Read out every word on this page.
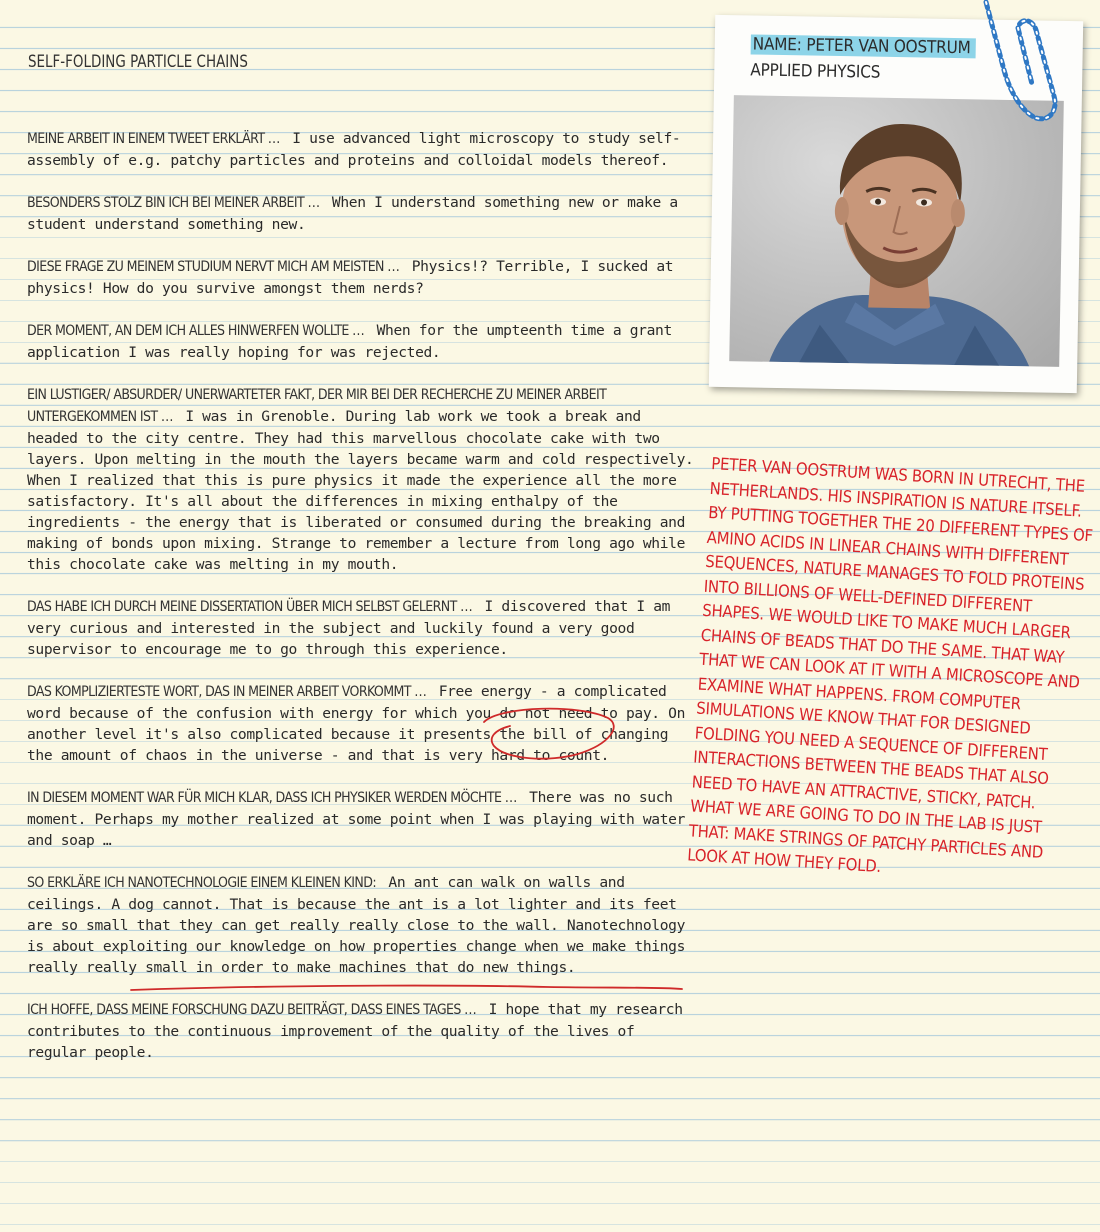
SELF-FOLDING PARTICLE CHAINS

MEINE ARBEIT IN EINEM TWEET ERKLÄRT … I use advanced light microscopy to study self-assembly of e.g. patchy particles and proteins and colloidal models thereof.

BESONDERS STOLZ BIN ICH BEI MEINER ARBEIT … When I understand something new or make a student understand something new.

DIESE FRAGE ZU MEINEM STUDIUM NERVT MICH AM MEISTEN … Physics!? Terrible, I sucked at physics! How do you survive amongst them nerds?

DER MOMENT, AN DEM ICH ALLES HINWERFEN WOLLTE … When for the umpteenth time a grant application I was really hoping for was rejected.

EIN LUSTIGER/ ABSURDER/ UNERWARTETER FAKT, DER MIR BEI DER RECHERCHE ZU MEINER ARBEIT UNTERGEKOMMEN IST … I was in Grenoble. During lab work we took a break and headed to the city centre. They had this marvellous chocolate cake with two layers. Upon melting in the mouth the layers became warm and cold respectively. When I realized that this is pure physics it made the experience all the more satisfactory. It's all about the differences in mixing enthalpy of the ingredients - the energy that is liberated or consumed during the breaking and making of bonds upon mixing. Strange to remember a lecture from long ago while this chocolate cake was melting in my mouth.

DAS HABE ICH DURCH MEINE DISSERTATION ÜBER MICH SELBST GELERNT … I discovered that I am very curious and interested in the subject and luckily found a very good supervisor to encourage me to go through this experience.

DAS KOMPLIZIERTESTE WORT, DAS IN MEINER ARBEIT VORKOMMT … Free energy - a complicated word because of the confusion with energy for which you do not need to pay. On another level it's also complicated because it presents the bill of changing the amount of chaos in the universe - and that is very hard to count.

IN DIESEM MOMENT WAR FÜR MICH KLAR, DASS ICH PHYSIKER WERDEN MÖCHTE … There was no such moment. Perhaps my mother realized at some point when I was playing with water and soap …

SO ERKLÄRE ICH NANOTECHNOLOGIE EINEM KLEINEN KIND: An ant can walk on walls and ceilings. A dog cannot. That is because the ant is a lot lighter and its feet are so small that they can get really really close to the wall. Nanotechnology is about exploiting our knowledge on how properties change when we make things really really small in order to make machines that do new things.

ICH HOFFE, DASS MEINE FORSCHUNG DAZU BEITRÄGT, DASS EINES TAGES … I hope that my research contributes to the continuous improvement of the quality of the lives of regular people.

NAME: PETER VAN OOSTRUM
APPLIED PHYSICS

PETER VAN OOSTRUM WAS BORN IN UTRECHT, THE NETHERLANDS. HIS INSPIRATION IS NATURE ITSELF. BY PUTTING TOGETHER THE 20 DIFFERENT TYPES OF AMINO ACIDS IN LINEAR CHAINS WITH DIFFERENT SEQUENCES, NATURE MANAGES TO FOLD PROTEINS INTO BILLIONS OF WELL-DEFINED DIFFERENT SHAPES. WE WOULD LIKE TO MAKE MUCH LARGER CHAINS OF BEADS THAT DO THE SAME. THAT WAY THAT WE CAN LOOK AT IT WITH A MICROSCOPE AND EXAMINE WHAT HAPPENS. FROM COMPUTER SIMULATIONS WE KNOW THAT FOR DESIGNED FOLDING YOU NEED A SEQUENCE OF DIFFERENT INTERACTIONS BETWEEN THE BEADS THAT ALSO NEED TO HAVE AN ATTRACTIVE, STICKY, PATCH. WHAT WE ARE GOING TO DO IN THE LAB IS JUST THAT: MAKE STRINGS OF PATCHY PARTICLES AND LOOK AT HOW THEY FOLD.
